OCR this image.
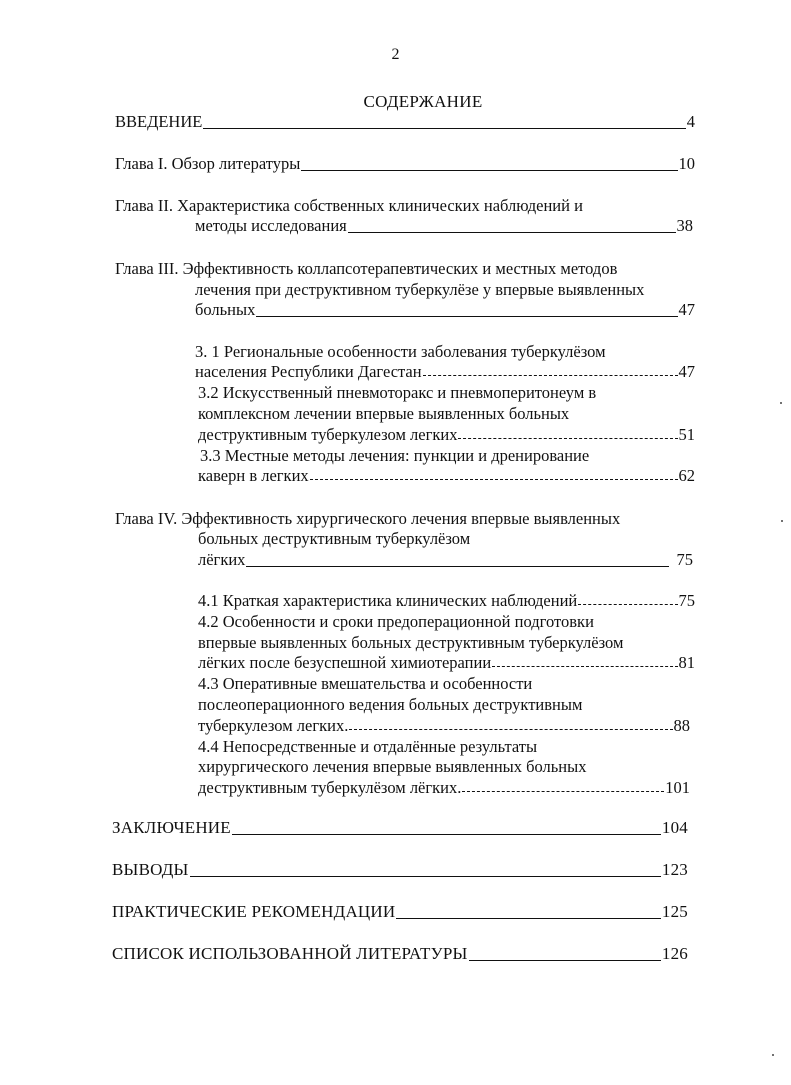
2
СОДЕРЖАНИЕ
ВВЕДЕНИЕ	4
Глава I. Обзор литературы	10
Глава II. Характеристика собственных клинических наблюдений и
методы исследования	38
Глава III. Эффективность коллапсотерапевтических и местных методов
лечения при деструктивном туберкулёзе у впервые выявленных
больных	47
3. 1 Региональные особенности заболевания туберкулёзом
населения Республики Дагестан	47
3.2 Искусственный пневмоторакс и пневмоперитонеум в
комплексном лечении впервые выявленных больных
деструктивным туберкулезом легких	51
3.3 Местные методы лечения: пункции и дренирование
каверн в легких	62
Глава IV. Эффективность хирургического лечения впервые выявленных
больных деструктивным туберкулёзом
лёгких	75
4.1 Краткая характеристика клинических наблюдений	75
4.2 Особенности и сроки предоперационной подготовки
впервые выявленных больных деструктивным туберкулёзом
лёгких после безуспешной химиотерапии	81
4.3 Оперативные вмешательства и особенности
послеоперационного ведения больных деструктивным
туберкулезом легких.	88
4.4 Непосредственные и отдалённые результаты
хирургического лечения впервые выявленных больных
деструктивным туберкулёзом лёгких.	101
ЗАКЛЮЧЕНИЕ	104
ВЫВОДЫ	123
ПРАКТИЧЕСКИЕ РЕКОМЕНДАЦИИ	125
СПИСОК ИСПОЛЬЗОВАННОЙ ЛИТЕРАТУРЫ	126
